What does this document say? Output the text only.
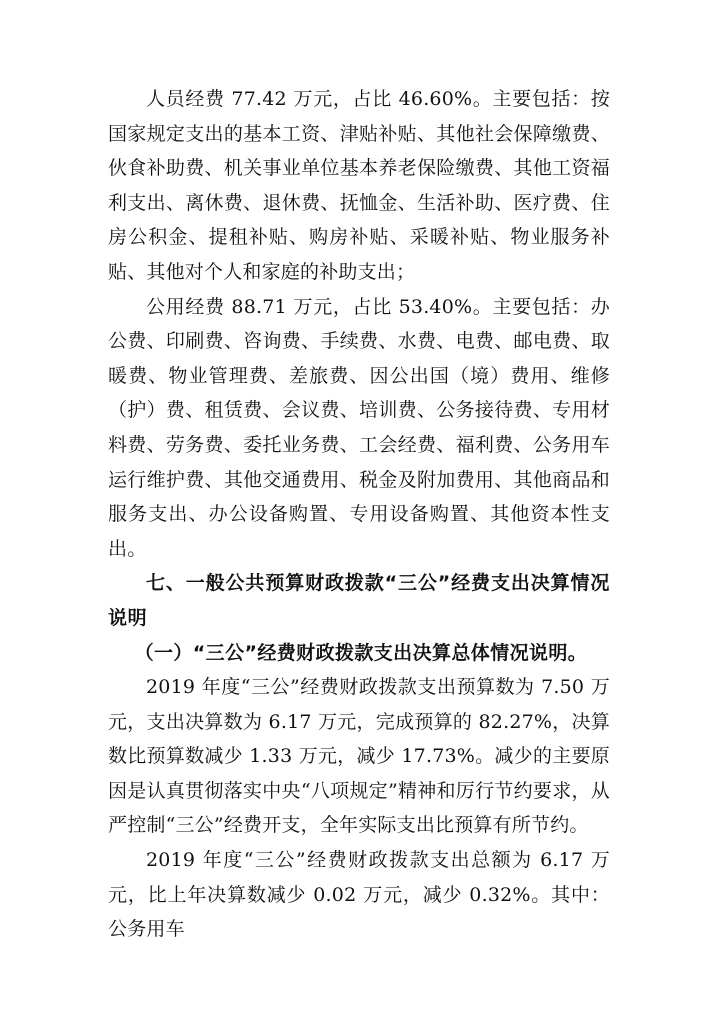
人员经费 77.42 万元，占比 46.60%。主要包括：按国家规定支出的基本工资、津贴补贴、其他社会保障缴费、伙食补助费、机关事业单位基本养老保险缴费、其他工资福利支出、离休费、退休费、抚恤金、生活补助、医疗费、住房公积金、提租补贴、购房补贴、采暖补贴、物业服务补贴、其他对个人和家庭的补助支出；

公用经费 88.71 万元，占比 53.40%。主要包括：办公费、印刷费、咨询费、手续费、水费、电费、邮电费、取暖费、物业管理费、差旅费、因公出国（境）费用、维修（护）费、租赁费、会议费、培训费、公务接待费、专用材料费、劳务费、委托业务费、工会经费、福利费、公务用车运行维护费、其他交通费用、税金及附加费用、其他商品和服务支出、办公设备购置、专用设备购置、其他资本性支出。

七、一般公共预算财政拨款“三公”经费支出决算情况说明

（一）“三公”经费财政拨款支出决算总体情况说明。

2019 年度“三公”经费财政拨款支出预算数为 7.50 万元，支出决算数为 6.17 万元，完成预算的 82.27%，决算数比预算数减少 1.33 万元，减少 17.73%。减少的主要原因是认真贯彻落实中央“八项规定”精神和厉行节约要求，从严控制“三公”经费开支，全年实际支出比预算有所节约。

2019 年度“三公”经费财政拨款支出总额为 6.17 万元，比上年决算数减少 0.02 万元，减少 0.32%。其中：公务用车
